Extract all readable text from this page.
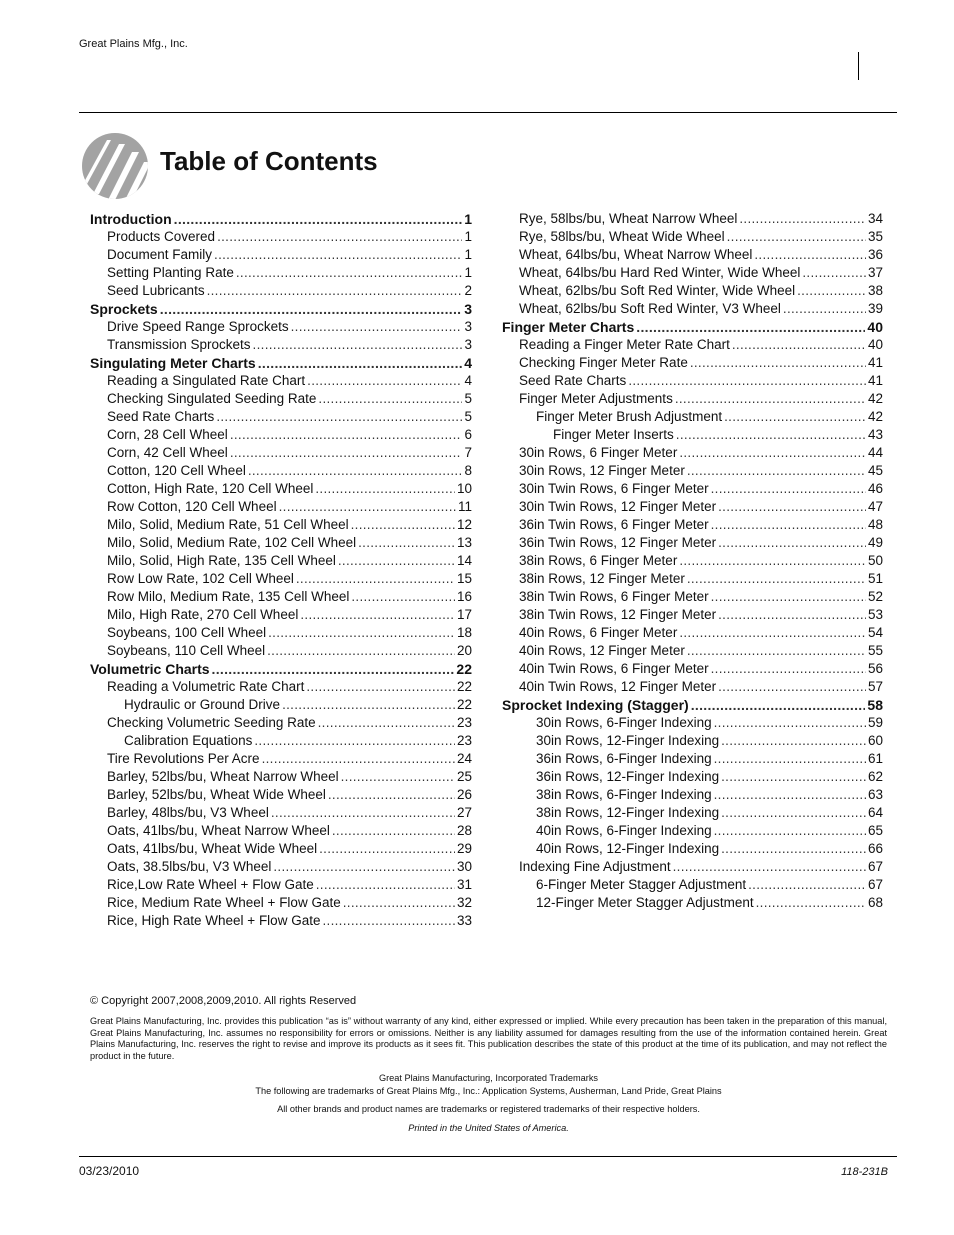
Great Plains Mfg., Inc.
Table of Contents
Introduction .....	1
Products Covered .....	1
Document Family .....	1
Setting Planting Rate .....	1
Seed Lubricants .....	2
Sprockets .....	3
Drive Speed Range Sprockets .....	3
Transmission Sprockets .....	3
Singulating Meter Charts .....	4
Reading a Singulated Rate Chart .....	4
Checking Singulated Seeding Rate .....	5
Seed Rate Charts .....	5
Corn, 28 Cell Wheel .....	6
Corn, 42 Cell Wheel .....	7
Cotton, 120 Cell Wheel .....	8
Cotton, High Rate, 120 Cell Wheel .....	10
Row Cotton, 120 Cell Wheel .....	11
Milo, Solid, Medium Rate, 51 Cell Wheel .....	12
Milo, Solid, Medium Rate, 102 Cell Wheel .....	13
Milo, Solid, High Rate, 135 Cell Wheel .....	14
Row Low Rate, 102 Cell Wheel .....	15
Row Milo, Medium Rate, 135 Cell Wheel .....	16
Milo, High Rate, 270 Cell Wheel .....	17
Soybeans, 100 Cell Wheel .....	18
Soybeans, 110 Cell Wheel .....	20
Volumetric Charts .....	22
Reading a Volumetric Rate Chart .....	22
Hydraulic or Ground Drive .....	22
Checking Volumetric Seeding Rate .....	23
Calibration Equations .....	23
Tire Revolutions Per Acre .....	24
Barley, 52lbs/bu, Wheat Narrow Wheel .....	25
Barley, 52lbs/bu, Wheat Wide Wheel .....	26
Barley, 48lbs/bu, V3 Wheel .....	27
Oats, 41lbs/bu, Wheat Narrow Wheel .....	28
Oats, 41lbs/bu, Wheat Wide Wheel .....	29
Oats, 38.5lbs/bu, V3 Wheel .....	30
Rice,Low Rate Wheel + Flow Gate .....	31
Rice, Medium Rate Wheel + Flow Gate .....	32
Rice, High Rate Wheel + Flow Gate .....	33
Rye, 58lbs/bu, Wheat Narrow Wheel .....	34
Rye, 58lbs/bu, Wheat Wide Wheel .....	35
Wheat, 64lbs/bu, Wheat Narrow Wheel .....	36
Wheat, 64lbs/bu Hard Red Winter, Wide Wheel .....	37
Wheat, 62lbs/bu Soft Red Winter, Wide Wheel .....	38
Wheat, 62lbs/bu Soft Red Winter, V3 Wheel .....	39
Finger Meter Charts .....	40
Reading a Finger Meter Rate Chart .....	40
Checking Finger Meter Rate .....	41
Seed Rate Charts .....	41
Finger Meter Adjustments .....	42
Finger Meter Brush Adjustment .....	42
Finger Meter Inserts .....	43
30in Rows, 6 Finger Meter .....	44
30in Rows, 12 Finger Meter .....	45
30in Twin Rows, 6 Finger Meter .....	46
30in Twin Rows, 12 Finger Meter .....	47
36in Twin Rows, 6 Finger Meter .....	48
36in Twin Rows, 12 Finger Meter .....	49
38in Rows, 6 Finger Meter .....	50
38in Rows, 12 Finger Meter .....	51
38in Twin Rows, 6 Finger Meter .....	52
38in Twin Rows, 12 Finger Meter .....	53
40in Rows, 6 Finger Meter .....	54
40in Rows, 12 Finger Meter .....	55
40in Twin Rows, 6 Finger Meter .....	56
40in Twin Rows, 12 Finger Meter .....	57
Sprocket Indexing (Stagger) .....	58
30in Rows, 6-Finger Indexing .....	59
30in Rows, 12-Finger Indexing .....	60
36in Rows, 6-Finger Indexing .....	61
36in Rows, 12-Finger Indexing .....	62
38in Rows, 6-Finger Indexing .....	63
38in Rows, 12-Finger Indexing .....	64
40in Rows, 6-Finger Indexing .....	65
40in Rows, 12-Finger Indexing .....	66
Indexing Fine Adjustment .....	67
6-Finger Meter Stagger Adjustment .....	67
12-Finger Meter Stagger Adjustment .....	68
© Copyright 2007,2008,2009,2010. All rights Reserved
Great Plains Manufacturing, Inc. provides this publication “as is” without warranty of any kind, either expressed or implied. While every precaution has been taken in the preparation of this manual, Great Plains Manufacturing, Inc. assumes no responsibility for errors or omissions. Neither is any liability assumed for damages resulting from the use of the information contained herein. Great Plains Manufacturing, Inc. reserves the right to revise and improve its products as it sees fit. This publication describes the state of this product at the time of its publication, and may not reflect the product in the future.
Great Plains Manufacturing, Incorporated Trademarks
The following are trademarks of Great Plains Mfg., Inc.: Application Systems, Ausherman, Land Pride, Great Plains
All other brands and product names are trademarks or registered trademarks of their respective holders.
Printed in the United States of America.
03/23/2010	118-231B
